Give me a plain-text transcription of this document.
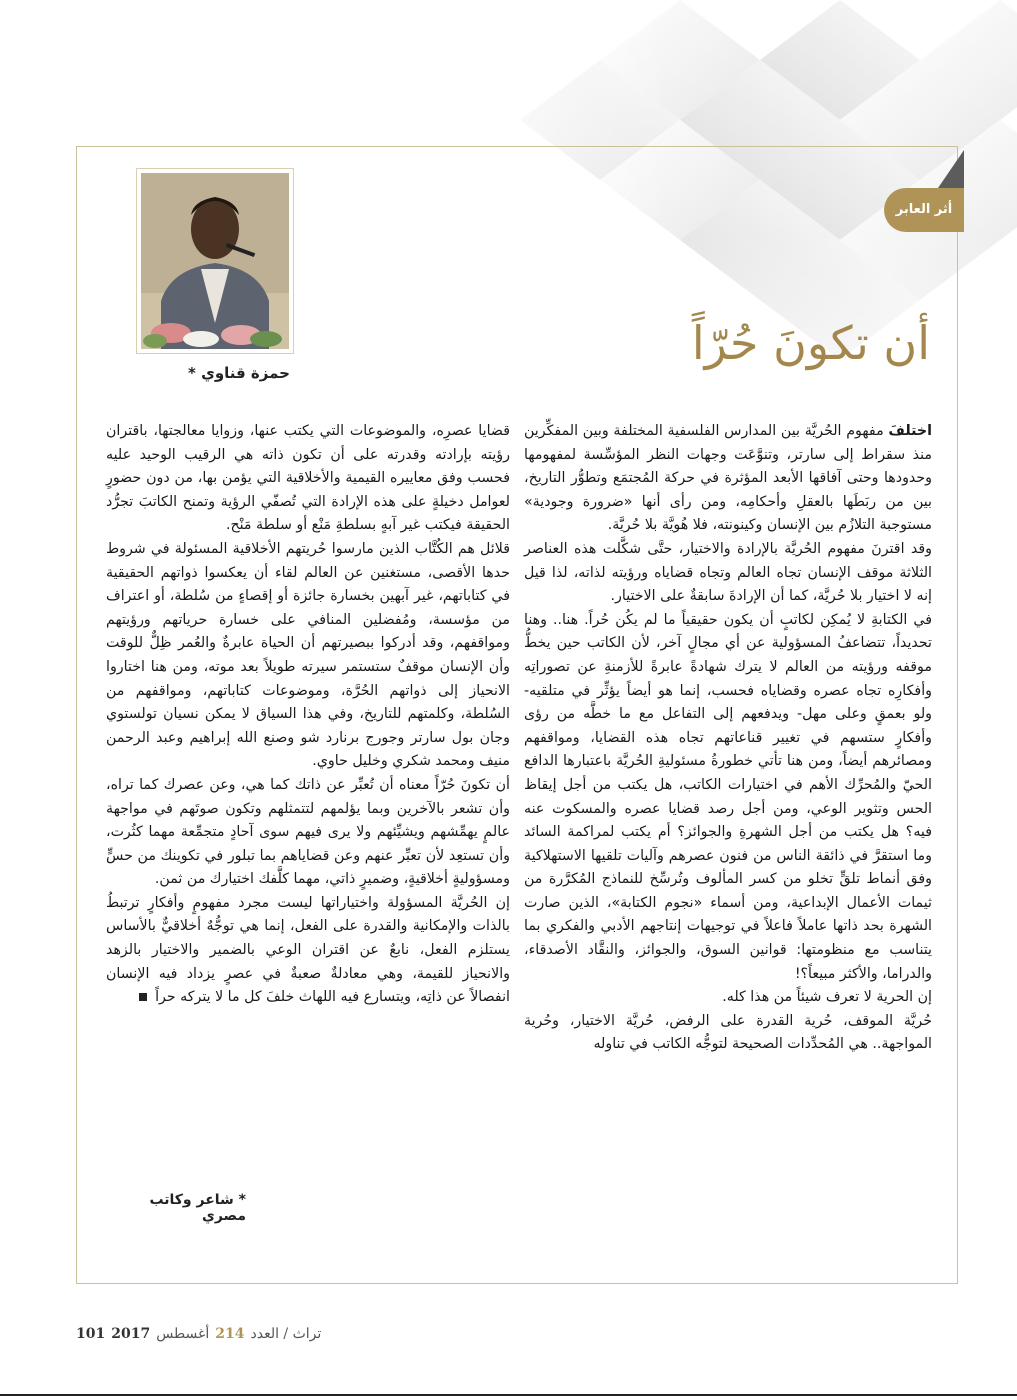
أثر العابر
حمزة قناوي *
أن تكونَ حُرّاً

اختلفَ مفهوم الحُريَّة بين المدارس الفلسفية المختلفة وبين المفكِّرين منذ سقراط إلى سارتر، وتنوَّعَت وجهات النظر المؤسِّسة لمفهومها وحدودها وحتى آفاقها الأبعد المؤثرة في حركة المُجتمَع وتطوُّر التاريخ، بين من ربَطَها بالعقلِ وأحكامِه، ومن رأى أنها «ضرورة وجودية» مستوجبة التلازُم بين الإنسان وكينونته، فلا هُويَّة بلا حُريَّة.

وقد اقترنَ مفهوم الحُريَّة بالإرادة والاختيار، حتَّى شكَّلت هذه العناصر الثلاثة موقف الإنسان تجاه العالم وتجاه قضاياه ورؤيته لذاته، لذا قيل إنه لا اختيار بلا حُريَّة، كما أن الإرادةَ سابقةٌ على الاختيار.

في الكتابةِ لا يُمكِن لكاتبٍ أن يكون حقيقياً ما لم يكُن حُراً. هنا.. وهنا تحديداً، تتضاعفُ المسؤولية عن أي مجالٍ آخر، لأن الكاتب حين يخطُّ موقفه ورؤيته من العالم لا يترك شهادةً عابرةً للأزمنةِ عن تصوراتِه وأفكارِه تجاه عصره وقضاياه فحسب، إنما هو أيضاً يؤثِّر في متلقيه- ولو بعمقٍ وعلى مهل- ويدفعهم إلى التفاعل مع ما خطَّه من رؤى وأفكارٍ ستسهم في تغيير قناعاتهم تجاه هذه القضايا، ومواقفهم ومصائرهم أيضاً، ومن هنا تأتي خطورةُ مسئوليةِ الحُريَّة باعتبارها الدافع الحيّ والمُحرِّك الأهم في اختيارات الكاتب، هل يكتب من أجل إيقاظ الحس وتثوير الوعي، ومن أجل رصد قضايا عصره والمسكوت عنه فيه؟ هل يكتب من أجل الشهرةِ والجوائز؟ أم يكتب لمراكمة السائد وما استقرَّ في ذائقة الناس من فنون عصرهم وآليات تلقيها الاستهلاكية وفق أنماط تلقٍّ تخلو من كسر المألوف وتُرسِّخ للنماذج المُكرَّرة من ثيمات الأعمال الإبداعية، ومن أسماء «نجوم الكتابة»، الذين صارت الشهرة بحد ذاتها عاملاً فاعلاً في توجيهات إنتاجهم الأدبي والفكري بما يتناسب مع منظومتها: قوانين السوق، والجوائز، والنقَّاد الأصدقاء، والدراما، والأكثر مبيعاً؟!

إن الحرية لا تعرف شيئاً من هذا كله.

حُريَّة الموقف، حُرية القدرة على الرفض، حُريَّة الاختيار، وحُرية المواجهة.. هي المُحدِّدات الصحيحة لتوجُّه الكاتب في تناوله

قضايا عصرِه، والموضوعات التي يكتب عنها، وزوايا معالجتها، باقتران رؤيته بإرادته وقدرته على أن تكون ذاته هي الرقيب الوحيد عليه فحسب وفق معاييره القيمية والأخلاقية التي يؤمن بها، من دون حضورٍ لعوامل دخيلةٍ على هذه الإرادة التي تُصفّي الرؤية وتمنح الكاتبَ تجرُّد الحقيقة فيكتب غير آبهٍ بسلطةِ مَنْع أو سلطة مَنْح.

قلائل هم الكُتَّاب الذين مارسوا حُريتهم الأخلاقية المسئولة في شروط حدها الأقصى، مستغنين عن العالم لقاء أن يعكسوا ذواتهم الحقيقية في كتاباتهم، غير آبهين بخسارة جائزة أو إقصاءٍ من سُلطة، أو اعتراف من مؤسسة، ومُفضلين المنافي على خسارة حرياتهم ورؤيتهم ومواقفهم، وقد أدركوا ببصيرتهم أن الحياة عابرةٌ والعُمر ظِلٌّ للوقت وأن الإنسان موقفٌ ستستمر سيرته طويلاً بعد موته، ومن هنا اختاروا الانحياز إلى ذواتهم الحُرَّة، وموضوعات كتاباتهم، ومواقفهم من السُلطة، وكلمتهم للتاريخ، وفي هذا السياق لا يمكن نسيان تولستوي وجان بول سارتر وجورج برنارد شو وصنع الله إبراهيم وعبد الرحمن منيف ومحمد شكري وخليل حاوي.

أن تكونَ حُرّاً معناه أن تُعبِّر عن ذاتك كما هي، وعن عصرك كما تراه، وأن تشعر بالآخرين وبما يؤلمهم لتتمثلهم وتكون صوتَهم في مواجهة عالمٍ يهمِّشهم ويشيِّئهم ولا يرى فيهم سوى آحادٍ متجمِّعة مهما كثُرت، وأن تستعِد لأن تعبِّر عنهم وعن قضاياهم بما تبلور في تكوينك من حسٍّ ومسؤوليةٍ أخلاقيةٍ، وضميرٍ ذاتي، مهما كلَّفك اختيارك من ثمن.

إن الحُريَّة المسؤولة واختياراتها ليست مجرد مفهومٍ وأفكارٍ ترتبطُ بالذات والإمكانية والقدرة على الفعل، إنما هي توجُّهٌ أخلاقيٌّ بالأساس يستلزم الفعل، نابعٌ عن اقتران الوعي بالضمير والاختيار بالزهد والانحياز للقيمة، وهي معادلةٌ صعبةٌ في عصرٍ يزداد فيه الإنسان انفصالاً عن ذاتِه، ويتسارع فيه اللهاث خلفَ كل ما لا يتركه حراً

* شاعر وكاتب مصري
تراث / العدد
214
أغسطس
2017
101
